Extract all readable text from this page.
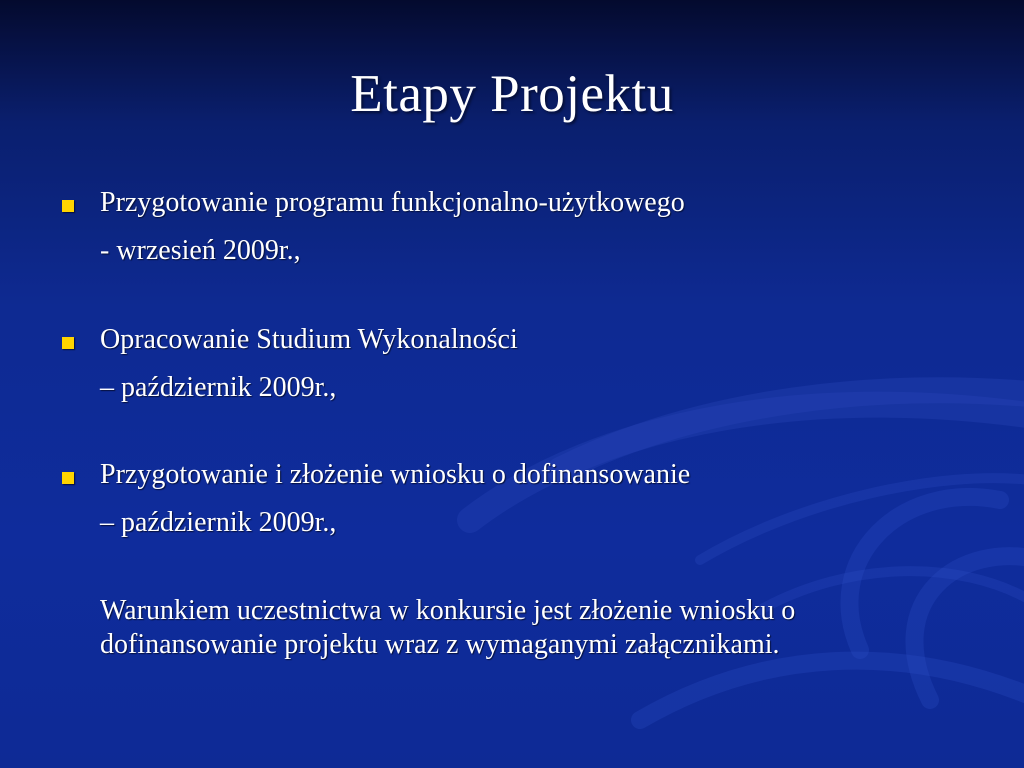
Etapy Projektu
Przygotowanie programu funkcjonalno-użytkowego
- wrzesień 2009r.,
Opracowanie Studium Wykonalności
– październik 2009r.,
Przygotowanie i złożenie wniosku o dofinansowanie
– październik 2009r.,
Warunkiem uczestnictwa w konkursie jest złożenie wniosku o dofinansowanie projektu wraz z wymaganymi załącznikami.
